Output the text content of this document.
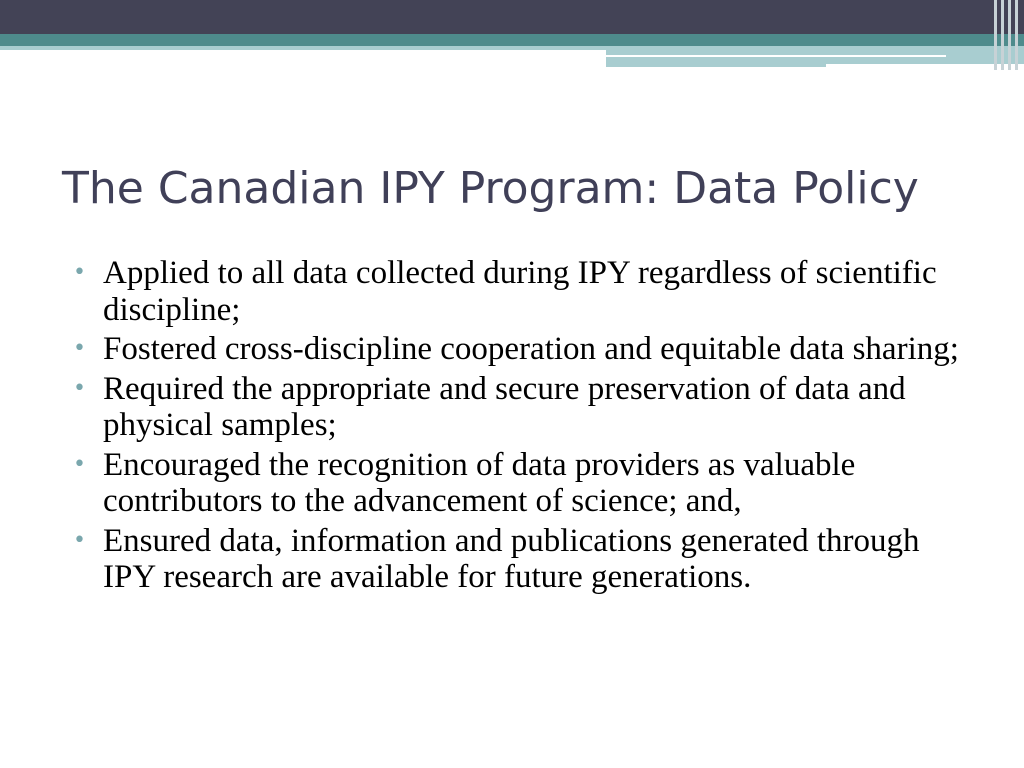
The Canadian IPY Program: Data Policy
• Applied to all data collected during IPY regardless of scientific discipline;
• Fostered cross-discipline cooperation and equitable data sharing;
• Required the appropriate and secure preservation of data and physical samples;
• Encouraged the recognition of data providers as valuable contributors to the advancement of science; and,
• Ensured data, information and publications generated through IPY research are available for future generations.
